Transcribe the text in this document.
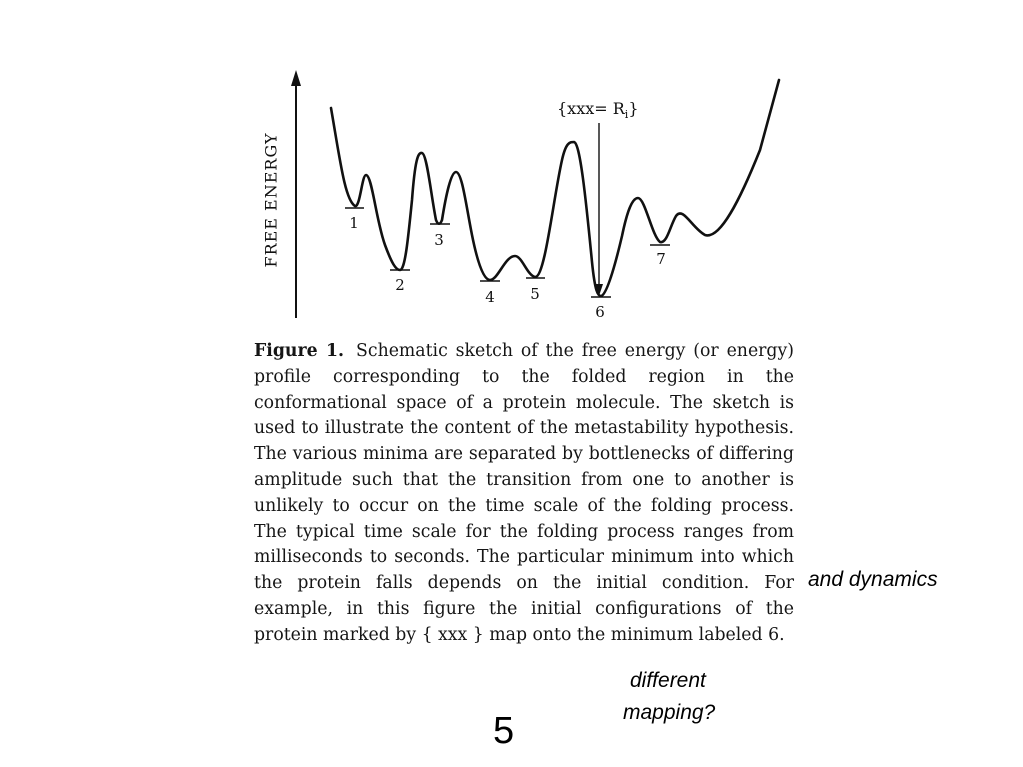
FREE ENERGY
$\{xxx= R_i\}$
1
2
3
4 5
6
7
Figure 1. Schematic sketch of the free energy (or energy) profile corresponding to the folded region in the conformational space of a protein molecule. The sketch is used to illustrate the content of the metastability hypothesis. The various minima are separated by bottlenecks of differing amplitude such that the transition from one to another is unlikely to occur on the time scale of the folding process. The typical time scale for the folding process ranges from milliseconds to seconds. The particular minimum into which the protein falls depends on the initial condition. For example, in this figure the initial configurations of the protein marked by { xxx } map onto the minimum labeled 6.
and dynamics
different
mapping?
5
